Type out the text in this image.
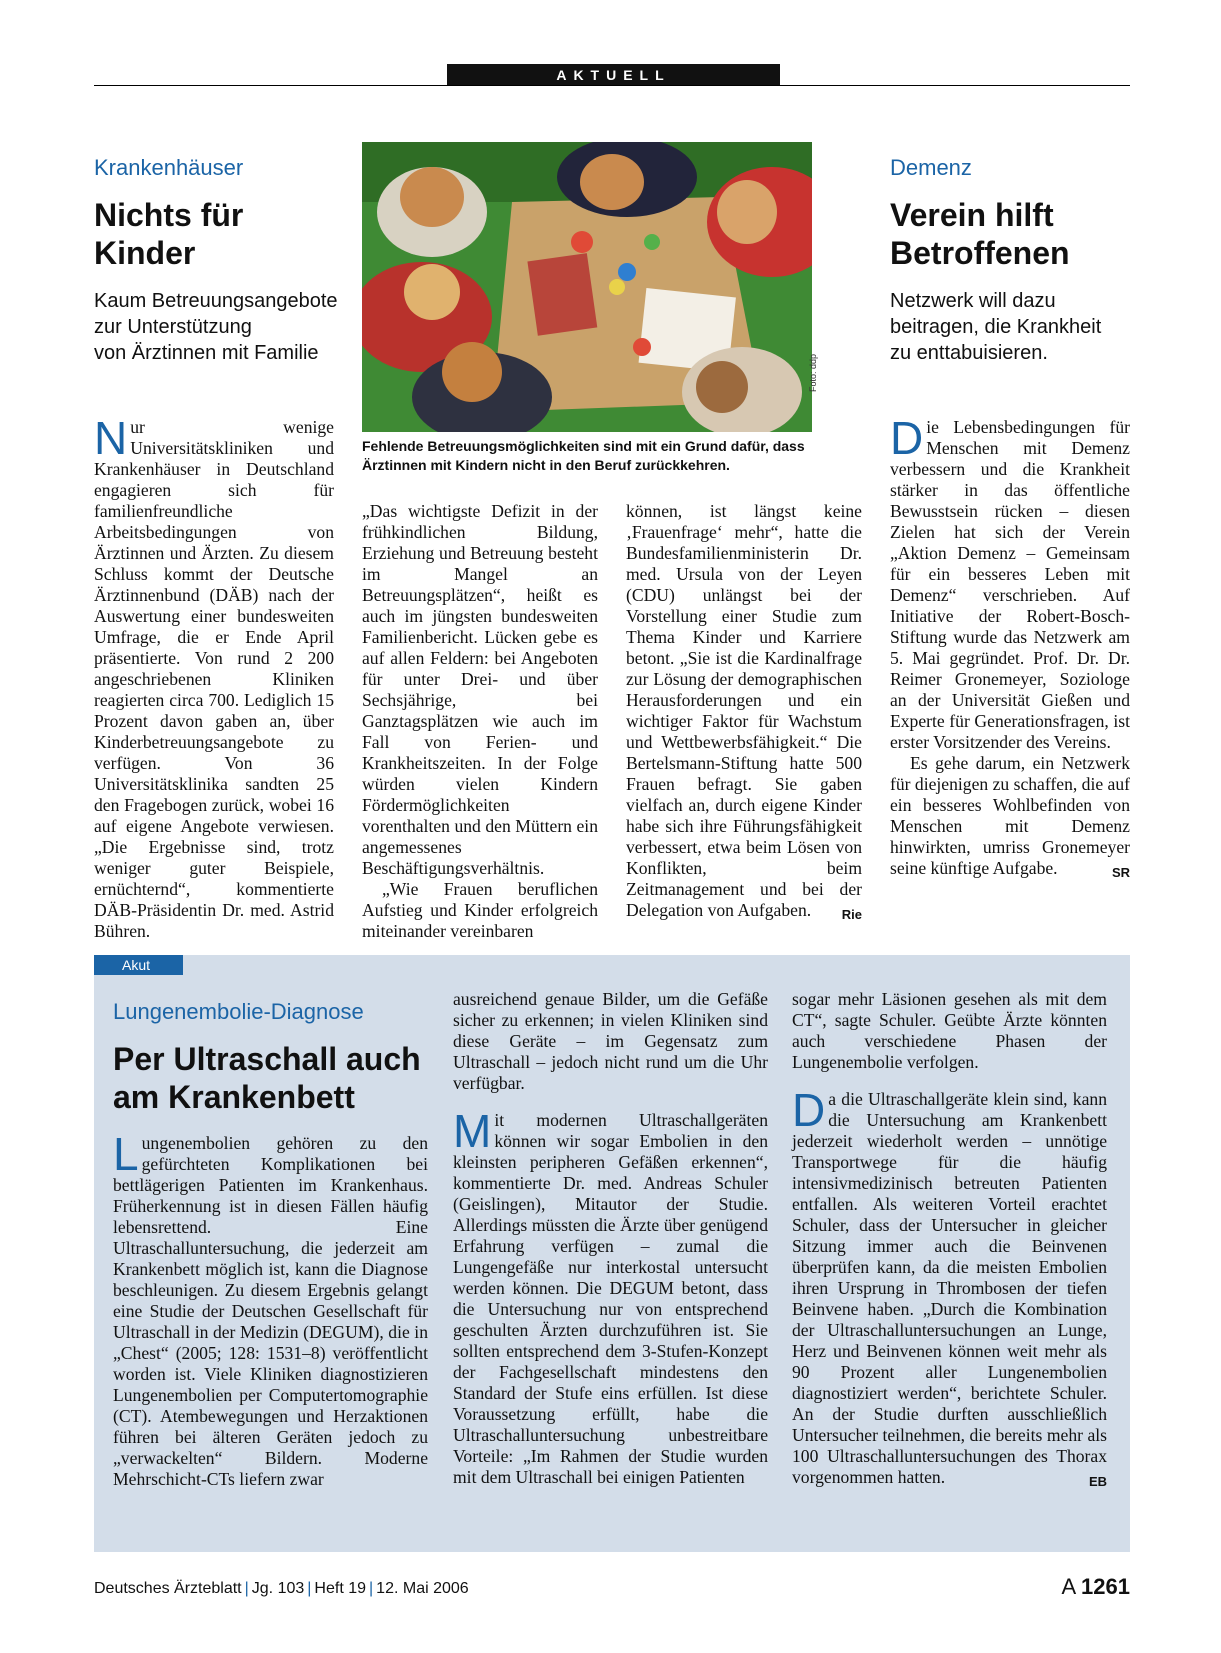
AKTUELL
Krankenhäuser
Nichts für
Kinder
Kaum Betreuungsangebote
zur Unterstützung
von Ärztinnen mit Familie

Nur wenige Universitätskliniken und Krankenhäuser in Deutschland engagieren sich für familienfreundliche Arbeitsbedingungen von Ärztinnen und Ärzten. Zu diesem Schluss kommt der Deutsche Ärztinnenbund (DÄB) nach der Auswertung einer bundesweiten Umfrage, die er Ende April präsentierte. Von rund 2 200 angeschriebenen Kliniken reagierten circa 700. Lediglich 15 Prozent davon gaben an, über Kinderbetreuungsangebote zu verfügen. Von 36 Universitätsklinika sandten 25 den Fragebogen zurück, wobei 16 auf eigene Angebote verwiesen. „Die Ergebnisse sind, trotz weniger guter Beispiele, ernüchternd“, kommentierte DÄB-Präsidentin Dr. med. Astrid Bühren.

Foto: ddp
Fehlende Betreuungsmöglichkeiten sind mit ein Grund dafür, dass Ärztinnen mit Kindern nicht in den Beruf zurückkehren.

„Das wichtigste Defizit in der frühkindlichen Bildung, Erziehung und Betreuung besteht im Mangel an Betreuungsplätzen“, heißt es auch im jüngsten bundesweiten Familienbericht. Lücken gebe es auf allen Feldern: bei Angeboten für unter Drei- und über Sechsjährige, bei Ganztagsplätzen wie auch im Fall von Ferien- und Krankheitszeiten. In der Folge würden vielen Kindern Fördermöglichkeiten vorenthalten und den Müttern ein angemessenes Beschäftigungsverhältnis.

„Wie Frauen beruflichen Aufstieg und Kinder erfolgreich miteinander vereinbaren

können, ist längst keine ‚Frauenfrage‘ mehr“, hatte die Bundesfamilienministerin Dr. med. Ursula von der Leyen (CDU) unlängst bei der Vorstellung einer Studie zum Thema Kinder und Karriere betont. „Sie ist die Kardinalfrage zur Lösung der demographischen Herausforderungen und ein wichtiger Faktor für Wachstum und Wettbewerbsfähigkeit.“ Die Bertelsmann-Stiftung hatte 500 Frauen befragt. Sie gaben vielfach an, durch eigene Kinder habe sich ihre Führungsfähigkeit verbessert, etwa beim Lösen von Konflikten, beim Zeitmanagement und bei der Delegation von Aufgaben. Rie

Demenz
Verein hilft
Betroffenen
Netzwerk will dazu
beitragen, die Krankheit
zu enttabuisieren.

Die Lebensbedingungen für Menschen mit Demenz verbessern und die Krankheit stärker in das öffentliche Bewusstsein rücken – diesen Zielen hat sich der Verein „Aktion Demenz – Gemeinsam für ein besseres Leben mit Demenz“ verschrieben. Auf Initiative der Robert-Bosch-Stiftung wurde das Netzwerk am 5. Mai gegründet. Prof. Dr. Dr. Reimer Gronemeyer, Soziologe an der Universität Gießen und Experte für Generationsfragen, ist erster Vorsitzender des Vereins.

Es gehe darum, ein Netzwerk für diejenigen zu schaffen, die auf ein besseres Wohlbefinden von Menschen mit Demenz hinwirkten, umriss Gronemeyer seine künftige Aufgabe.	SR

Akut
Lungenembolie-Diagnose
Per Ultraschall auch
am Krankenbett

Lungenembolien gehören zu den gefürchteten Komplikationen bei bettlägerigen Patienten im Krankenhaus. Früherkennung ist in diesen Fällen häufig lebensrettend. Eine Ultraschalluntersuchung, die jederzeit am Krankenbett möglich ist, kann die Diagnose beschleunigen. Zu diesem Ergebnis gelangt eine Studie der Deutschen Gesellschaft für Ultraschall in der Medizin (DEGUM), die in „Chest“ (2005; 128: 1531–8) veröffentlicht worden ist. Viele Kliniken diagnostizieren Lungenembolien per Computertomographie (CT). Atembewegungen und Herzaktionen führen bei älteren Geräten jedoch zu „verwackelten“ Bildern. Moderne Mehrschicht-CTs liefern zwar

ausreichend genaue Bilder, um die Gefäße sicher zu erkennen; in vielen Kliniken sind diese Geräte – im Gegensatz zum Ultraschall – jedoch nicht rund um die Uhr verfügbar.

Mit modernen Ultraschallgeräten können wir sogar Embolien in den kleinsten peripheren Gefäßen erkennen“, kommentierte Dr. med. Andreas Schuler (Geislingen), Mitautor der Studie. Allerdings müssten die Ärzte über genügend Erfahrung verfügen – zumal die Lungengefäße nur interkostal untersucht werden können. Die DEGUM betont, dass die Untersuchung nur von entsprechend geschulten Ärzten durchzuführen ist. Sie sollten entsprechend dem 3-Stufen-Konzept der Fachgesellschaft mindestens den Standard der Stufe eins erfüllen. Ist diese Voraussetzung erfüllt, habe die Ultraschalluntersuchung unbestreitbare Vorteile: „Im Rahmen der Studie wurden mit dem Ultraschall bei einigen Patienten

sogar mehr Läsionen gesehen als mit dem CT“, sagte Schuler. Geübte Ärzte könnten auch verschiedene Phasen der Lungenembolie verfolgen.

Da die Ultraschallgeräte klein sind, kann die Untersuchung am Krankenbett jederzeit wiederholt werden – unnötige Transportwege für die häufig intensivmedizinisch betreuten Patienten entfallen. Als weiteren Vorteil erachtet Schuler, dass der Untersucher in gleicher Sitzung immer auch die Beinvenen überprüfen kann, da die meisten Embolien ihren Ursprung in Thrombosen der tiefen Beinvene haben. „Durch die Kombination der Ultraschalluntersuchungen an Lunge, Herz und Beinvenen können weit mehr als 90 Prozent aller Lungenembolien diagnostiziert werden“, berichtete Schuler. An der Studie durften ausschließlich Untersucher teilnehmen, die bereits mehr als 100 Ultraschalluntersuchungen des Thorax vorgenommen hatten.	EB

Deutsches Ärzteblatt | Jg. 103 | Heft 19 | 12. Mai 2006	A 1261
